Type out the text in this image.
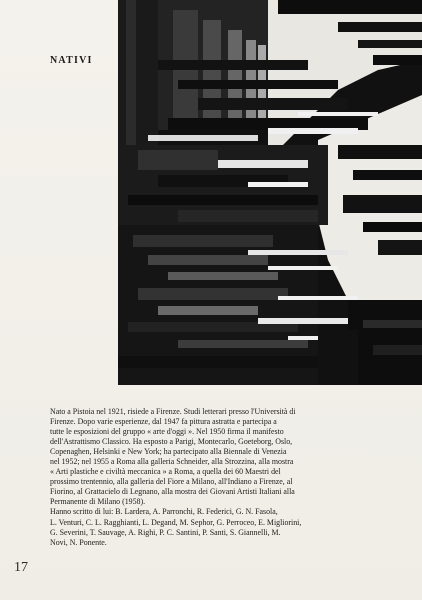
NATIVI

Nato a Pistoia nel 1921, risiede a Firenze. Studi letterari presso l'Università di

Firenze. Dopo varie esperienze, dal 1947 fa pittura astratta e partecipa a

tutte le esposizioni del gruppo « arte d'oggi ». Nel 1950 firma il manifesto

dell'Astrattismo Classico. Ha esposto a Parigi, Montecarlo, Goeteborg, Oslo,

Copenaghen, Helsinki e New York; ha partecipato alla Biennale di Venezia

nel 1952; nel 1955 a Roma alla galleria Schneider, alla Strozzina, alla mostra

« Arti plastiche e civiltà meccanica » a Roma, a quella dei 60 Maestri del

prossimo trentennio, alla galleria del Fiore a Milano, all'Indiano a Firenze, al

Fiorino, al Grattacielo di Legnano, alla mostra dei Giovani Artisti Italiani alla

Permanente di Milano (1958).

Hanno scritto di lui: B. Lardera, A. Parronchi, R. Federici, G. N. Fasola,

L. Venturi, C. L. Ragghianti, L. Degand, M. Sephor, G. Perroceo, E. Migliorini,

G. Severini, T. Sauvage, A. Righi, P. C. Santini, P. Santi, S. Giannelli, M.

Novi, N. Ponente.

17
